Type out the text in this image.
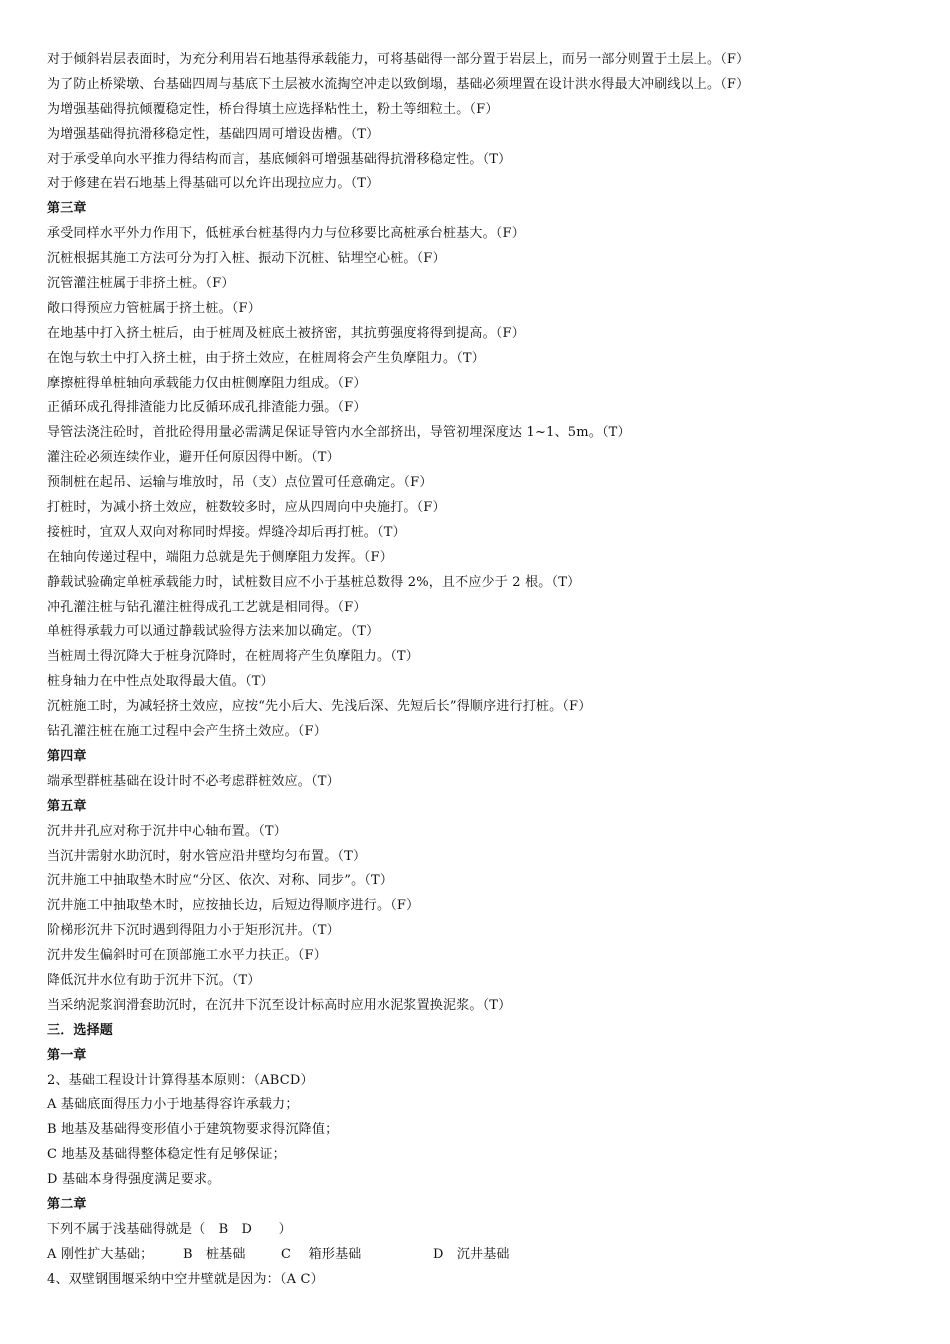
对于倾斜岩层表面时，为充分利用岩石地基得承载能力，可将基础得一部分置于岩层上，而另一部分则置于土层上。（F）
为了防止桥梁墩、台基础四周与基底下土层被水流掏空冲走以致倒塌，基础必须埋置在设计洪水得最大冲刷线以上。（F）
为增强基础得抗倾覆稳定性，桥台得填土应选择粘性土，粉土等细粒土。（F）
为增强基础得抗滑移稳定性，基础四周可增设齿槽。（T）
对于承受单向水平推力得结构而言，基底倾斜可增强基础得抗滑移稳定性。（T）
对于修建在岩石地基上得基础可以允许出现拉应力。（T）
第三章
承受同样水平外力作用下，低桩承台桩基得内力与位移要比高桩承台桩基大。（F）
沉桩根据其施工方法可分为打入桩、振动下沉桩、钻埋空心桩。（F）
沉管灌注桩属于非挤土桩。（F）
敞口得预应力管桩属于挤土桩。（F）
在地基中打入挤土桩后，由于桩周及桩底土被挤密，其抗剪强度将得到提高。（F）
在饱与软土中打入挤土桩，由于挤土效应，在桩周将会产生负摩阻力。（T）
摩擦桩得单桩轴向承载能力仅由桩侧摩阻力组成。（F）
正循环成孔得排渣能力比反循环成孔排渣能力强。（F）
导管法浇注砼时，首批砼得用量必需满足保证导管内水全部挤出，导管初埋深度达 1~1、5m。（T）
灌注砼必须连续作业，避开任何原因得中断。（T）
预制桩在起吊、运输与堆放时，吊（支）点位置可任意确定。（F）
打桩时，为减小挤土效应，桩数较多时，应从四周向中央施打。（F）
接桩时，宜双人双向对称同时焊接。焊缝冷却后再打桩。（T）
在轴向传递过程中，端阻力总就是先于侧摩阻力发挥。（F）
静载试验确定单桩承载能力时，试桩数目应不小于基桩总数得 2%，且不应少于 2 根。（T）
冲孔灌注桩与钻孔灌注桩得成孔工艺就是相同得。（F）
单桩得承载力可以通过静载试验得方法来加以确定。（T）
当桩周土得沉降大于桩身沉降时，在桩周将产生负摩阻力。（T）
桩身轴力在中性点处取得最大值。（T）
沉桩施工时，为减轻挤土效应，应按“先小后大、先浅后深、先短后长”得顺序进行打桩。（F）
钻孔灌注桩在施工过程中会产生挤土效应。（F）
第四章
端承型群桩基础在设计时不必考虑群桩效应。（T）
第五章
沉井井孔应对称于沉井中心轴布置。（T）
当沉井需射水助沉时，射水管应沿井壁均匀布置。（T）
沉井施工中抽取垫木时应“分区、依次、对称、同步”。（T）
沉井施工中抽取垫木时，应按抽长边，后短边得顺序进行。（F）
阶梯形沉井下沉时遇到得阻力小于矩形沉井。（T）
沉井发生偏斜时可在顶部施工水平力扶正。（F）
降低沉井水位有助于沉井下沉。（T）
当采纳泥浆润滑套助沉时，在沉井下沉至设计标高时应用水泥浆置换泥浆。（T）
三．选择题
第一章
2、基础工程设计计算得基本原则：（ABCD）
A 基础底面得压力小于地基得容许承载力；
B 地基及基础得变形值小于建筑物要求得沉降值；
C 地基及基础得整体稳定性有足够保证；
D 基础本身得强度满足要求。
第二章
下列不属于浅基础得就是（　B　D　　）
A 刚性扩大基础；	B　桩基础	C　 箱形基础	D　沉井基础
4、双壁钢围堰采纳中空井壁就是因为：（A C）
